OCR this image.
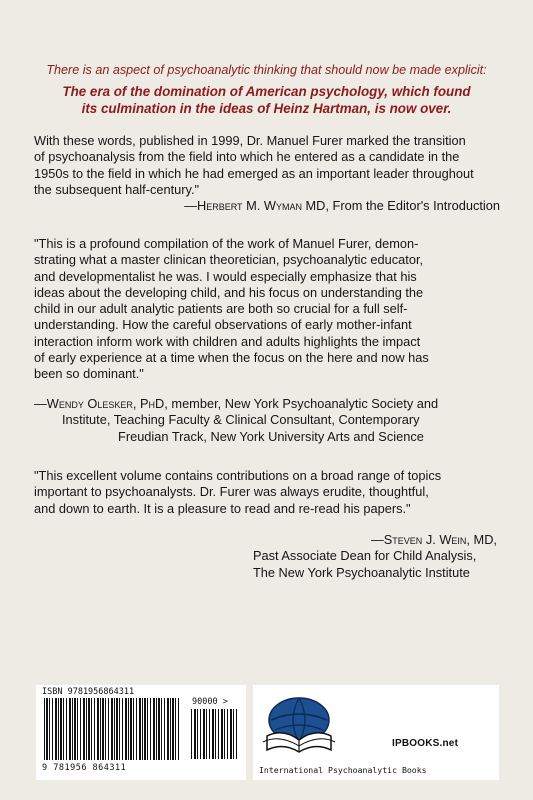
There is an aspect of psychoanalytic thinking that should now be made explicit:
The era of the domination of American psychology, which found
its culmination in the ideas of Heinz Hartman, is now over.
With these words, published in 1999, Dr. Manuel Furer marked the transition
of psychoanalysis from the field into which he entered as a candidate in the
1950s to the field in which he had emerged as an important leader throughout
the subsequent half-century."
—Herbert M. Wyman MD, From the Editor's Introduction
"This is a profound compilation of the work of Manuel Furer, demon-
strating what a master clinican theoretician, psychoanalytic educator,
and developmentalist he was. I would especially emphasize that his
ideas about the developing child, and his focus on understanding the
child in our adult analytic patients are both so crucial for a full self-
understanding. How the careful observations of early mother-infant
interaction inform work with children and adults highlights the impact
of early experience at a time when the focus on the here and now has
been so dominant."
—Wendy Olesker, PhD, member, New York Psychoanalytic Society and
Institute, Teaching Faculty & Clinical Consultant, Contemporary
Freudian Track, New York University Arts and Science
"This excellent volume contains contributions on a broad range of topics
important to psychoanalysts. Dr. Furer was always erudite, thoughtful,
and down to earth. It is a pleasure to read and re-read his papers."
—Steven J. Wein, MD,
Past Associate Dean for Child Analysis,
The New York Psychoanalytic Institute
ISBN 9781956864311
90000 >
9 781956 864311
IPBOOKS.net
International Psychoanalytic Books
